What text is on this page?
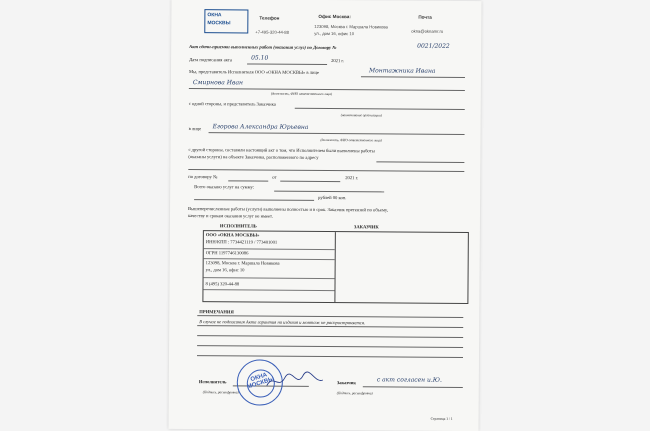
ОКНА
МОСКВЫ
Телефон
+7-495-320-44-88
Офис Москва:
123098, Москва г. Маршала Новикова
ул., дом 16, офис 10
Почта
okna@oknamr.ru
Акт сдачи-приемки выполненных работ (оказания услуг) по Договору №	0021/2022
Дата подписания акта	05.10	2021 г.
Мы, представитель Исполнителя ООО «ОКНА МОСКВЫ» в лице	Монтажника Ивана
Смирнова Иван
(должность, ФИО ответственного лица)
с одной стороны, и представитель Заказчика
(наименование организации)
в лице Егорова Александра Юрьевна
(должность, ФИО ответственного лица)
с другой стороны, составили настоящий акт о том, что Исполнителем были выполнены работы
(оказаны услуги) на объекте Заказчика, расположенного по адресу
по договору №	от	2021 г.
Всего оказано услуг на сумму:
рублей 00 коп.
Вышеперечисленные работы (услуги) выполнены полностью и в срок. Заказчик претензий по объему,
качеству и срокам оказания услуг не имеет.
ИСПОЛНИТЕЛЬ	ЗАКАЗЧИК
ООО «ОКНА МОСКВЫ»
ИНН/КПП : 7734421119 / 773401001
ОГРН 1197746130086
123098, Москва г. Маршала Новикова
ул., дом 16, офис 10
8 (495) 320-44-88
ПРИМЕЧАНИЯ
В случае не подписания Акта гарантия на изделия и монтаж не распространяется.
Исполнитель
(Подпись, расшифровка)
ОКНА МОСКВЫ	Заказчик	с акт согласен и.Ю.
(Подпись, расшифровка)
Страница 1 / 1
